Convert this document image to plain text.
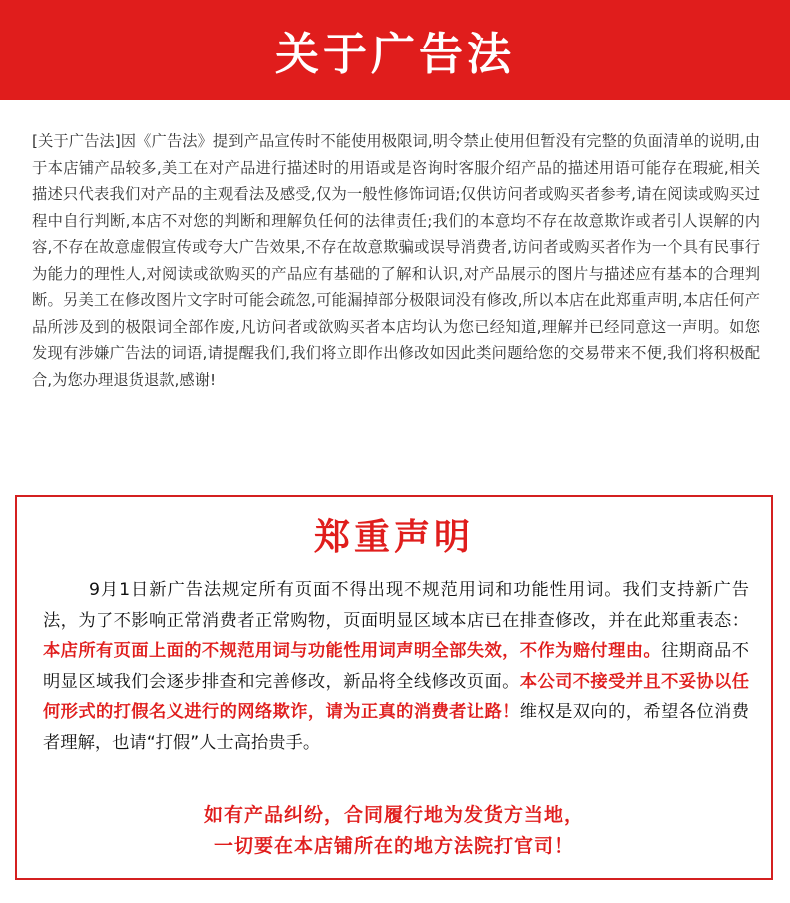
关于广告法

[关于广告法]因《广告法》提到产品宣传时不能使用极限词,明令禁止使用但暂没有完整的负面清单的说明,由于本店铺产品较多,美工在对产品进行描述时的用语或是咨询时客服介绍产品的描述用语可能存在瑕疵,相关描述只代表我们对产品的主观看法及感受,仅为一般性修饰词语;仅供访问者或购买者参考,请在阅读或购买过程中自行判断,本店不对您的判断和理解负任何的法律责任;我们的本意均不存在故意欺诈或者引人误解的内容,不存在故意虚假宣传或夸大广告效果,不存在故意欺骗或误导消费者,访问者或购买者作为一个具有民事行为能力的理性人,对阅读或欲购买的产品应有基础的了解和认识,对产品展示的图片与描述应有基本的合理判断。另美工在修改图片文字时可能会疏忽,可能漏掉部分极限词没有修改,所以本店在此郑重声明,本店任何产品所涉及到的极限词全部作废,凡访问者或欲购买者本店均认为您已经知道,理解并已经同意这一声明。如您发现有涉嫌广告法的词语,请提醒我们,我们将立即作出修改如因此类问题给您的交易带来不便,我们将积极配合,为您办理退货退款,感谢!

郑重声明

9月1日新广告法规定所有页面不得出现不规范用词和功能性用词。我们支持新广告法，为了不影响正常消费者正常购物，页面明显区域本店已在排查修改，并在此郑重表态：本店所有页面上面的不规范用词与功能性用词声明全部失效，不作为赔付理由。往期商品不明显区域我们会逐步排查和完善修改，新品将全线修改页面。本公司不接受并且不妥协以任何形式的打假名义进行的网络欺诈，请为正真的消费者让路！维权是双向的，希望各位消费者理解，也请“打假”人士高抬贵手。

如有产品纠纷，合同履行地为发货方当地，
一切要在本店铺所在的地方法院打官司！
